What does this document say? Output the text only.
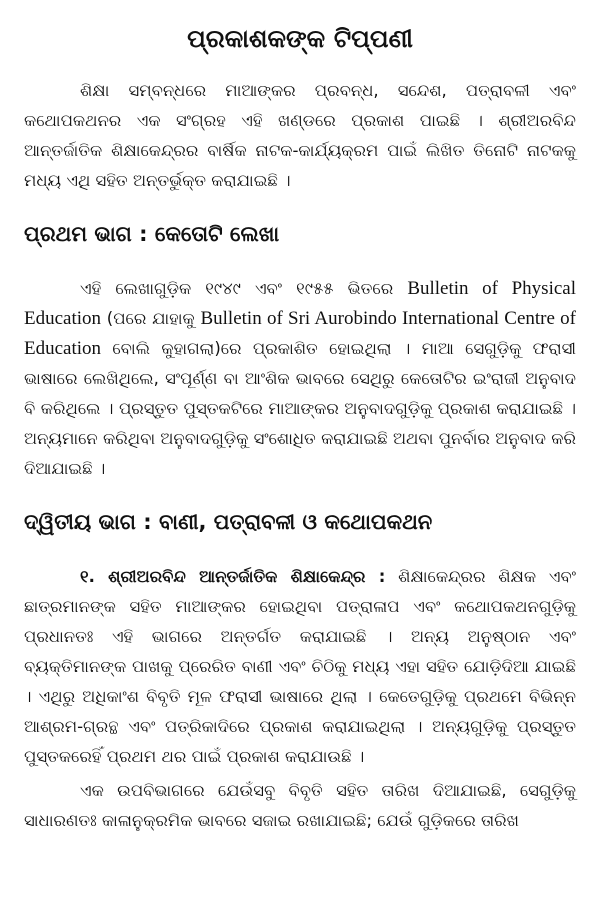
ପ୍ରକାଶକଙ୍କ ଟିପ୍ପଣୀ

ଶିକ୍ଷା ସମ୍ବନ୍ଧରେ ମାଆଙ୍କର ପ୍ରବନ୍ଧ, ସନ୍ଦେଶ, ପତ୍ରାବଳୀ ଏବଂ କଥୋପକଥନର ଏକ ସଂଗ୍ରହ ଏହି ଖଣ୍ଡରେ ପ୍ରକାଶ ପାଇଛି । ଶ୍ରୀଅରବିନ୍ଦ ଆନ୍ତର୍ଜାତିକ ଶିକ୍ଷାକେନ୍ଦ୍ରର ବାର୍ଷିକ ନାଟକ-କାର୍ଯ୍ୟକ୍ରମ ପାଇଁ ଲିଖିତ ତିନୋଟି ନାଟକକୁ ମଧ୍ୟ ଏଥି ସହିତ ଅନ୍ତର୍ଭୁକ୍ତ କରାଯାଇଛି ।

ପ୍ରଥମ ଭାଗ : କେତୋଟି ଲେଖା

ଏହି ଲେଖାଗୁଡ଼ିକ ୧୯୪୯ ଏବଂ ୧୯୫୫ ଭିତରେ Bulletin of Physical Education (ପରେ ଯାହାକୁ Bulletin of Sri Aurobindo International Centre of Education ବୋଲି କୁହାଗଲା)ରେ ପ୍ରକାଶିତ ହୋଇଥିଲା । ମାଆ ସେଗୁଡ଼ିକୁ ଫରାସୀ ଭାଷାରେ ଲେଖିଥିଲେ, ସଂପୂର୍ଣ୍ଣ ବା ଆଂଶିକ ଭାବରେ ସେଥିରୁ କେତୋଟିର ଇଂରାଜୀ ଅନୁବାଦ ବି କରିଥିଲେ । ପ୍ରସ୍ତୁତ ପୁସ୍ତକଟିରେ ମାଆଙ୍କର ଅନୁବାଦଗୁଡ଼ିକୁ ପ୍ରକାଶ କରାଯାଇଛି । ଅନ୍ୟମାନେ କରିଥିବା ଅନୁବାଦଗୁଡ଼ିକୁ ସଂଶୋଧିତ କରାଯାଇଛି ଅଥବା ପୁନର୍ବାର ଅନୁବାଦ କରି ଦିଆଯାଇଛି ।

ଦ୍ୱିତୀୟ ଭାଗ : ବାଣୀ, ପତ୍ରାବଳୀ ଓ କଥୋପକଥନ

୧. ଶ୍ରୀଅରବିନ୍ଦ ଆନ୍ତର୍ଜାତିକ ଶିକ୍ଷାକେନ୍ଦ୍ର : ଶିକ୍ଷାକେନ୍ଦ୍ରର ଶିକ୍ଷକ ଏବଂ ଛାତ୍ରମାନଙ୍କ ସହିତ ମାଆଙ୍କର ହୋଇଥିବା ପତ୍ରାଳାପ ଏବଂ କଥୋପକଥନଗୁଡ଼ିକୁ ପ୍ରଧାନତଃ ଏହି ଭାଗରେ ଅନ୍ତର୍ଗତ କରାଯାଇଛି । ଅନ୍ୟ ଅନୁଷ୍ଠାନ ଏବଂ ବ୍ୟକ୍ତିମାନଙ୍କ ପାଖକୁ ପ୍ରେରିତ ବାଣୀ ଏବଂ ଚିଠିକୁ ମଧ୍ୟ ଏହା ସହିତ ଯୋଡ଼ିଦିଆ ଯାଇଛି । ଏଥିରୁ ଅଧିକାଂଶ ବିବୃତି ମୂଳ ଫରାସୀ ଭାଷାରେ ଥିଲା । କେତେଗୁଡ଼ିକୁ ପ୍ରଥମେ ବିଭିନ୍ନ ଆଶ୍ରମ-ଗ୍ରନ୍ଥ ଏବଂ ପତ୍ରିକାଦିରେ ପ୍ରକାଶ କରାଯାଇଥିଲା । ଅନ୍ୟଗୁଡ଼ିକୁ ପ୍ରସ୍ତୁତ ପୁସ୍ତକରେହିଁ ପ୍ରଥମ ଥର ପାଇଁ ପ୍ରକାଶ କରାଯାଉଛି ।

ଏକ ଉପବିଭାଗରେ ଯେଉଁସବୁ ବିବୃତି ସହିତ ତାରିଖ ଦିଆଯାଇଛି, ସେଗୁଡ଼ିକୁ ସାଧାରଣତଃ କାଳାନୁକ୍ରମିକ ଭାବରେ ସଜାଇ ରଖାଯାଇଛି; ଯେଉଁ ଗୁଡ଼ିକରେ ତାରିଖ
